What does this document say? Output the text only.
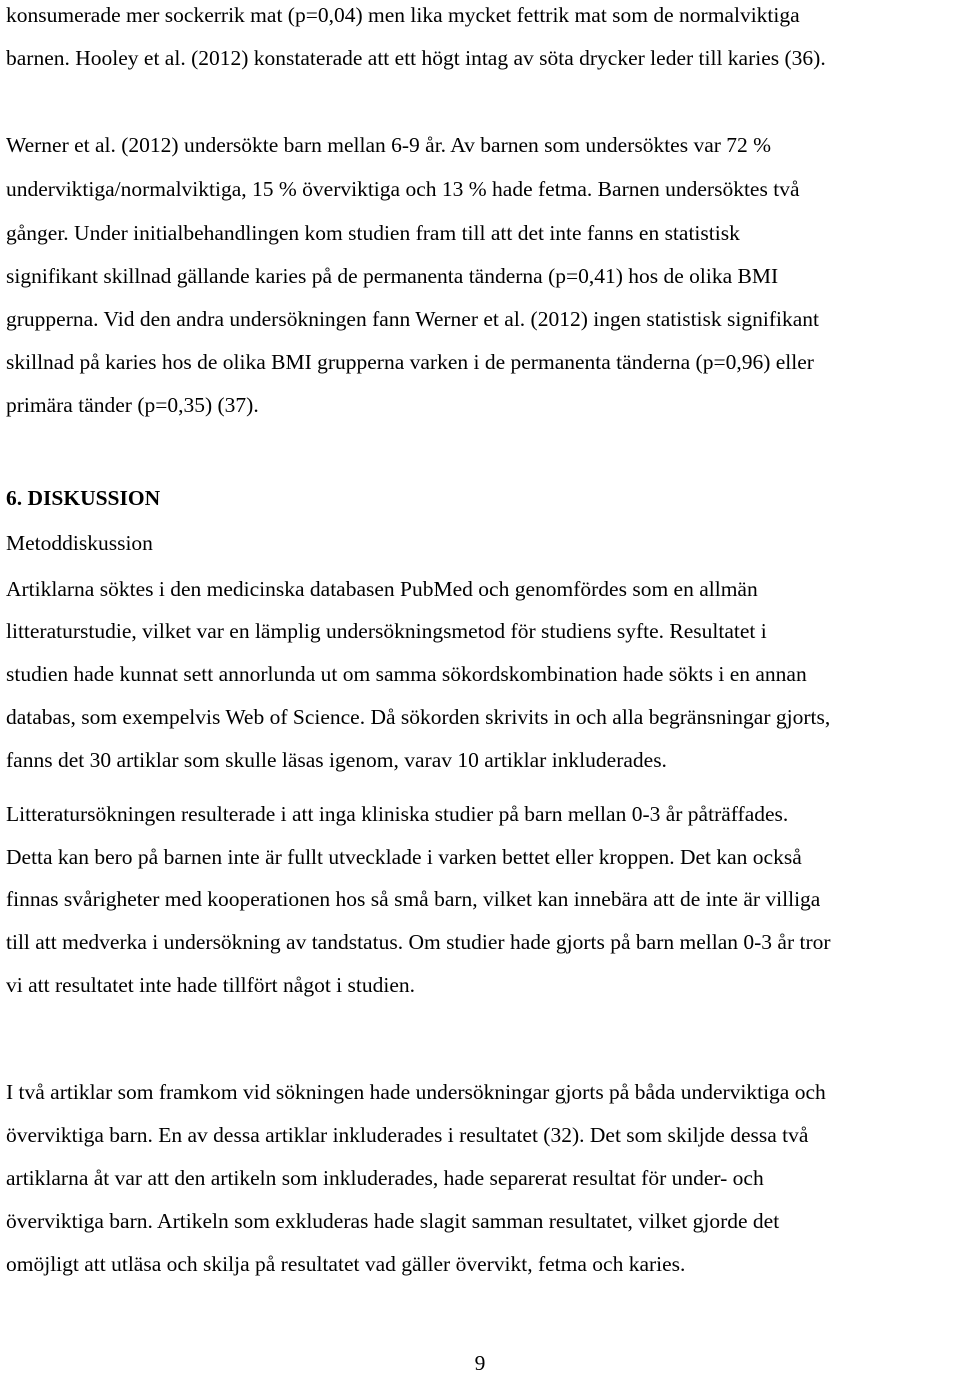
konsumerade mer sockerrik mat (p=0,04) men lika mycket fettrik mat som de normalviktiga
barnen. Hooley et al. (2012) konstaterade att ett högt intag av söta drycker leder till karies (36).
Werner et al. (2012) undersökte barn mellan 6-9 år. Av barnen som undersöktes var 72 %
underviktiga/normalviktiga, 15 % överviktiga och 13 % hade fetma. Barnen undersöktes två
gånger. Under initialbehandlingen kom studien fram till att det inte fanns en statistisk
signifikant skillnad gällande karies på de permanenta tänderna (p=0,41) hos de olika BMI
grupperna. Vid den andra undersökningen fann Werner et al. (2012) ingen statistisk signifikant
skillnad på karies hos de olika BMI grupperna varken i de permanenta tänderna (p=0,96) eller
primära tänder (p=0,35) (37).
6. DISKUSSION
Metoddiskussion
Artiklarna söktes i den medicinska databasen PubMed och genomfördes som en allmän
litteraturstudie, vilket var en lämplig undersökningsmetod för studiens syfte. Resultatet i
studien hade kunnat sett annorlunda ut om samma sökordskombination hade sökts i en annan
databas, som exempelvis Web of Science. Då sökorden skrivits in och alla begränsningar gjorts,
fanns det 30 artiklar som skulle läsas igenom, varav 10 artiklar inkluderades.
Litteratursökningen resulterade i att inga kliniska studier på barn mellan 0-3 år påträffades.
Detta kan bero på barnen inte är fullt utvecklade i varken bettet eller kroppen. Det kan också
finnas svårigheter med kooperationen hos så små barn, vilket kan innebära att de inte är villiga
till att medverka i undersökning av tandstatus. Om studier hade gjorts på barn mellan 0-3 år tror
vi att resultatet inte hade tillfört något i studien.
I två artiklar som framkom vid sökningen hade undersökningar gjorts på båda underviktiga och
överviktiga barn. En av dessa artiklar inkluderades i resultatet (32). Det som skiljde dessa två
artiklarna åt var att den artikeln som inkluderades, hade separerat resultat för under- och
överviktiga barn. Artikeln som exkluderas hade slagit samman resultatet, vilket gjorde det
omöjligt att utläsa och skilja på resultatet vad gäller övervikt, fetma och karies.
9
